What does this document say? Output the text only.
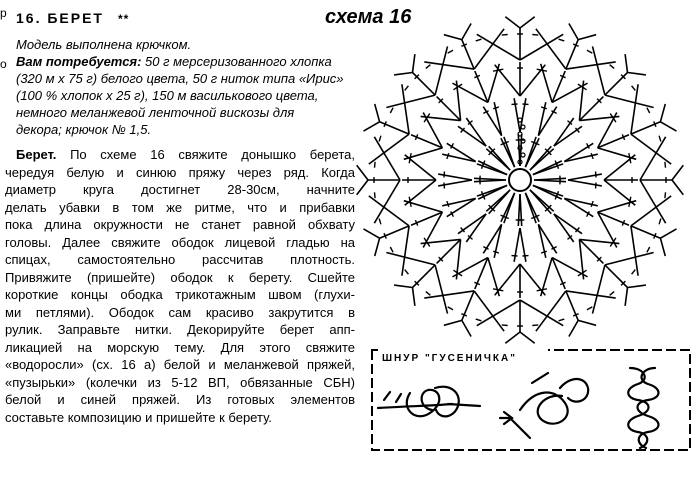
р
о
16. БЕРЕТ **	схема 16
Модель выполнена крючком.
Вам потребуется: 50 г мерсеризованного хлопка
(320 м х 75 г) белого цвета, 50 г ниток типа «Ирис»
(100 % хлопок х 25 г), 150 м василькового цвета,
немного меланжевой ленточной вискозы для
декора; крючок № 1,5.
Берет. По схеме 16 свяжите донышко берета,
чередуя белую и синюю пряжу через ряд. Когда
диаметр круга достигнет 28-30см, начните
делать убавки в том же ритме, что и прибавки
пока длина окружности не станет равной обхвату
головы. Далее свяжите ободок лицевой гладью на
спицах, самостоятельно рассчитав плотность.
Привяжите (пришейте) ободок к берету. Сшейте
короткие концы ободка трикотажным швом (глухи-
ми петлями). Ободок сам красиво закрутится в
рулик. Заправьте нитки. Декорируйте берет апп-
ликацией на морскую тему. Для этого свяжите
«водоросли» (сх. 16 а) белой и меланжевой пряжей,
«пузырьки» (колечки из 5-12 ВП, обвязанные СБН)
белой и синей пряжей. Из готовых элементов
составьте композицию и пришейте к берету.
ШНУР "ГУСЕНИЧКА"
